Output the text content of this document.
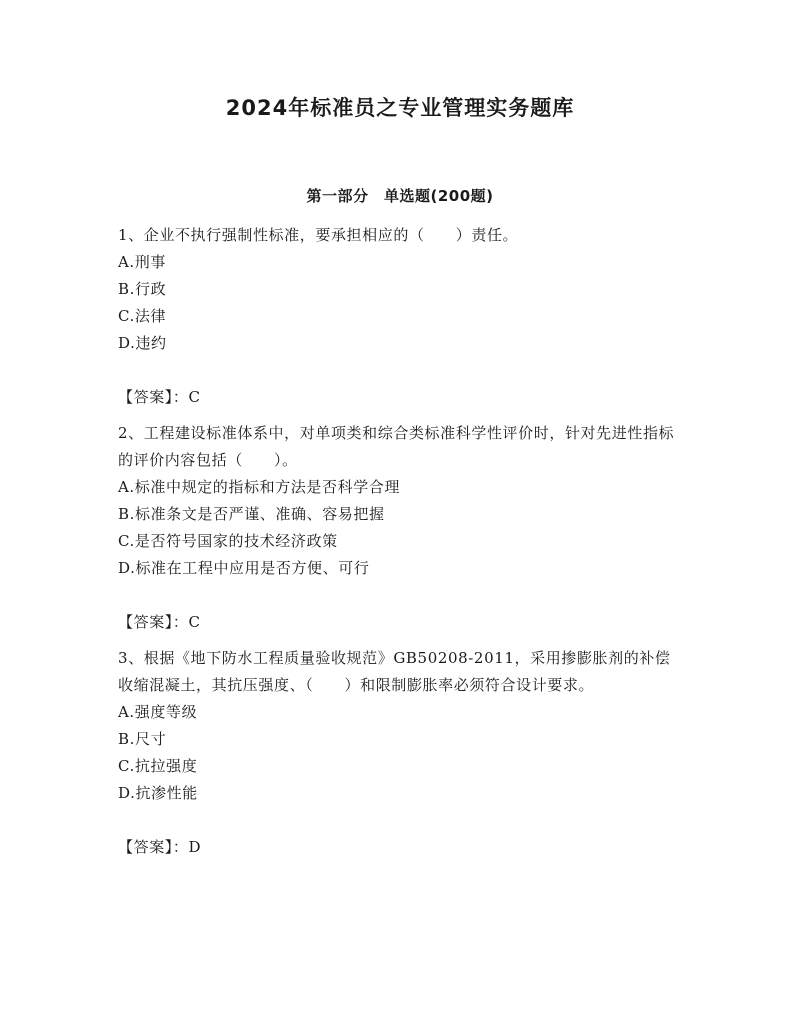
2024年标准员之专业管理实务题库
第一部分　单选题(200题)
1、企业不执行强制性标准，要承担相应的（　　）责任。
A.刑事
B.行政
C.法律
D.违约
【答案】：C
2、工程建设标准体系中，对单项类和综合类标准科学性评价时，针对先进性指标的评价内容包括（　　）。
A.标准中规定的指标和方法是否科学合理
B.标准条文是否严谨、准确、容易把握
C.是否符号国家的技术经济政策
D.标准在工程中应用是否方便、可行
【答案】：C
3、根据《地下防水工程质量验收规范》GB50208-2011，采用掺膨胀剂的补偿收缩混凝土，其抗压强度、（　　）和限制膨胀率必须符合设计要求。
A.强度等级
B.尺寸
C.抗拉强度
D.抗渗性能
【答案】：D
